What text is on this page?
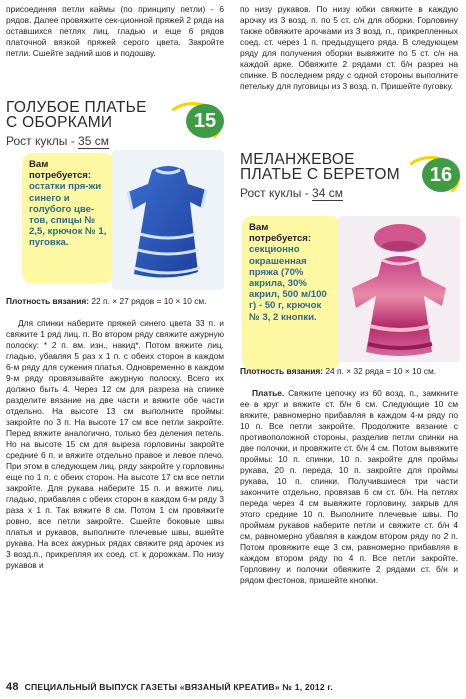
присоединяя петли каймы (по принципу петли) - 6 рядов. Далее провяжите сек-ционной пряжей 2 ряда на оставшихся петлях лиц. гладью и еще 6 рядов платочной вязкой пряжей серого цвета. Закройте петли. Сшейте задний шов и подошву.

ГОЛУБОЕ ПЛАТЬЕ
С ОБОРКАМИ
Рост куклы - 35 см
15
Вам потребуется:
остатки пря-жи синего и голубого цве-тов, спицы № 2,5, крючок № 1, пуговка.

Плотность вязания: 22 п. × 27 рядов = 10 × 10 см.

Для спинки наберите пряжей синего цвета 33 п. и свяжите 1 ряд лиц. п. Во втором ряду свяжите ажурную полоску: * 2 п. вм. изн., накид*. Потом вяжите лиц. гладью, убавляя 5 раз x 1 п. с обеих сторон в каждом 6-м ряду для сужения платья. Одновременно в каждом 9-м ряду провязывайте ажурную полоску. Всего их должно быть 4. Через 12 см для разреза на спинке разделите вязание на две части и вяжите обе части отдельно. На высоте 13 см выполните проймы: закройте по 3 п. На высоте 17 см все петли закройте. Перед вяжите аналогично, только без деления петель. Но на высоте 15 см для вырезa горловины закройте средние 6 п. и вяжите отдельно правое и левое плечо. При этом в следующем лиц. ряду закройте у горловины еще по 1 п. с обеих сторон. На высоте 17 см все петли закройте. Для рукава наберите 15 п. и вяжите лиц. гладью, прибавляя с обеих сторон в каждом 6-м ряду 3 раза x 1 п. Так вяжите 8 см. Потом 1 см провяжите ровно, все петли закройте. Сшейте боковые швы платья и рукавов, выполните плечевые швы, вшейте рукава. На всех ажурных рядах свяжите ряд арочек из 3 возд.п., прикрепляя их соед. ст. к дорожкам. Пo низу рукавов и

по низу рукавов. По низу юбки свяжите в каждую арочку из 3 возд. п. по 5 ст. с/н для оборки. Горловину также обвяжите арочками из 3 возд. п., прикрепленных соед. ст. через 1 п. предыдущего ряда. В следующем ряду для получения оборки вывяжите по 5 ст. с/н на каждой арке. Обвяжите 2 рядами ст. б/н разрез на спинке. В последнем ряду с одной стороны выполните петельку для пуговицы из 3 возд. п. Пришейте пуговку.

МЕЛАНЖЕВОЕ
ПЛАТЬЕ С БЕРЕТОМ
Рост куклы - 34 см
16
Вам потребуется:
секционно окрашенная пряжа (70% акрила, 30% акрил, 500 м/100 г) - 50 г, крючок № 3, 2 кнопки.

Плотность вязания: 24 п. × 32 ряда = 10 × 10 см.

Платье. Свяжите цепочку из 60 возд. п., замкните ее в круг и вяжите ст. б/н 6 см. Следующие 10 см вяжите, равномерно прибавляя в каждом 4-м ряду по 10 п. Все петли закройте. Продолжите вязание с противоположной стороны, разделив петли спинки на две полочки, и провяжите ст. б/н 4 см. Потом вывяжите проймы: 10 п. спинки, 10 п. закройте для проймы рукава, 20 п. переда, 10 п. закройте для проймы рукава, 10 п. спинки. Получившиеся три части закончите отдельно, провязав 6 см ст. б/н. На петлях переда через 4 см вывяжите горловину, закрыв для этого средние 10 п. Выполните плечевые швы. По проймам рукавов наберите петли и свяжите ст. б/н 4 см, равномерно убавляя в каждом втором ряду по 2 п. Потом провяжите еще 3 см, равномерно прибавляя в каждом втором ряду по 4 п. Все петли закройте. Горловину и полочки обвяжите 2 рядами ст. б/н и рядом фестонов, пришейте кнопки.

48 СПЕЦИАЛЬНЫЙ ВЫПУСК ГАЗЕТЫ «ВЯЗАНЫЙ КРЕАТИВ» № 1, 2012 г.
